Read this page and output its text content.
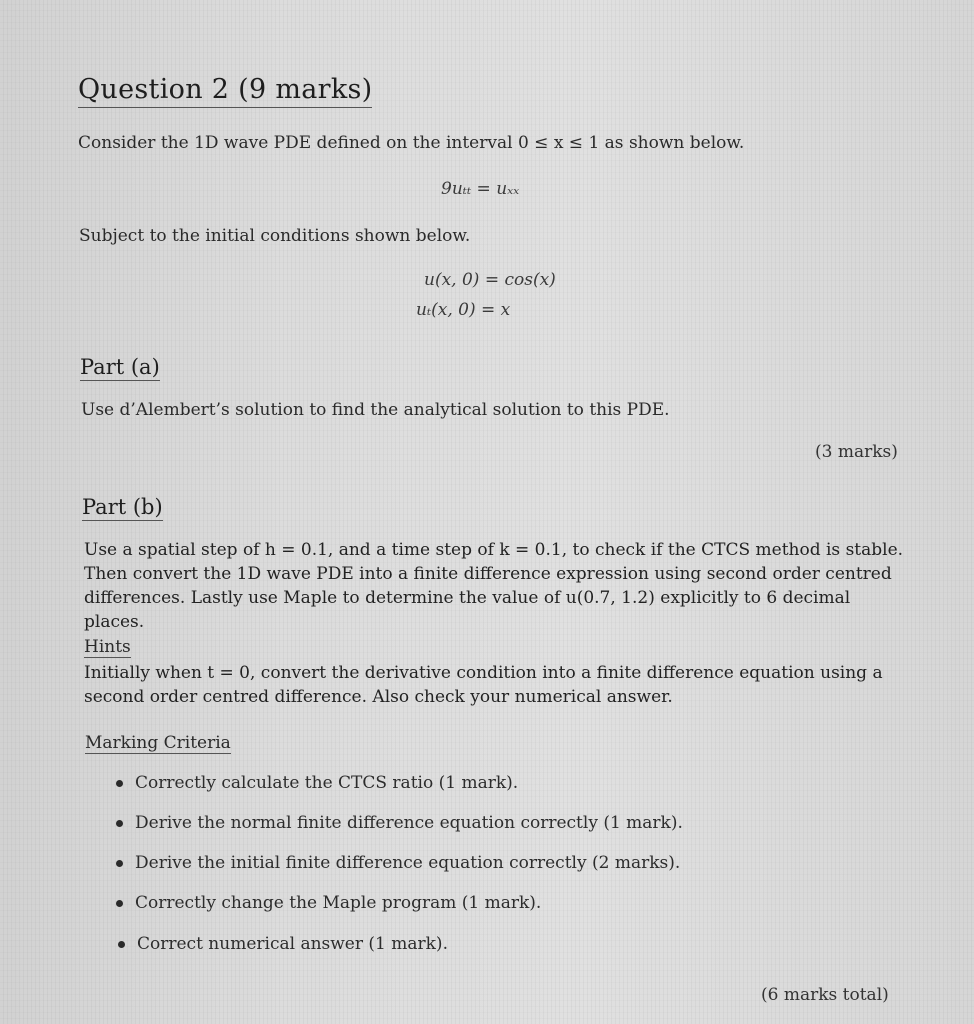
Question 2 (9 marks)
Consider the 1D wave PDE defined on the interval 0 ≤ x ≤ 1 as shown below.
9uₜₜ = uₓₓ
Subject to the initial conditions shown below.
u(x, 0) = cos(x)
uₜ(x, 0) = x
Part (a)
Use d’Alembert’s solution to find the analytical solution to this PDE.
(3 marks)
Part (b)
Use a spatial step of h = 0.1, and a time step of k = 0.1, to check if the CTCS method is stable.
Then convert the 1D wave PDE into a finite difference expression using second order centred
differences. Lastly use Maple to determine the value of u(0.7, 1.2) explicitly to 6 decimal places.
Hints
Initially when t = 0, convert the derivative condition into a finite difference equation using a
second order centred difference. Also check your numerical answer.
Marking Criteria
Correctly calculate the CTCS ratio (1 mark).
Derive the normal finite difference equation correctly (1 mark).
Derive the initial finite difference equation correctly (2 marks).
Correctly change the Maple program (1 mark).
Correct numerical answer (1 mark).
(6 marks total)
